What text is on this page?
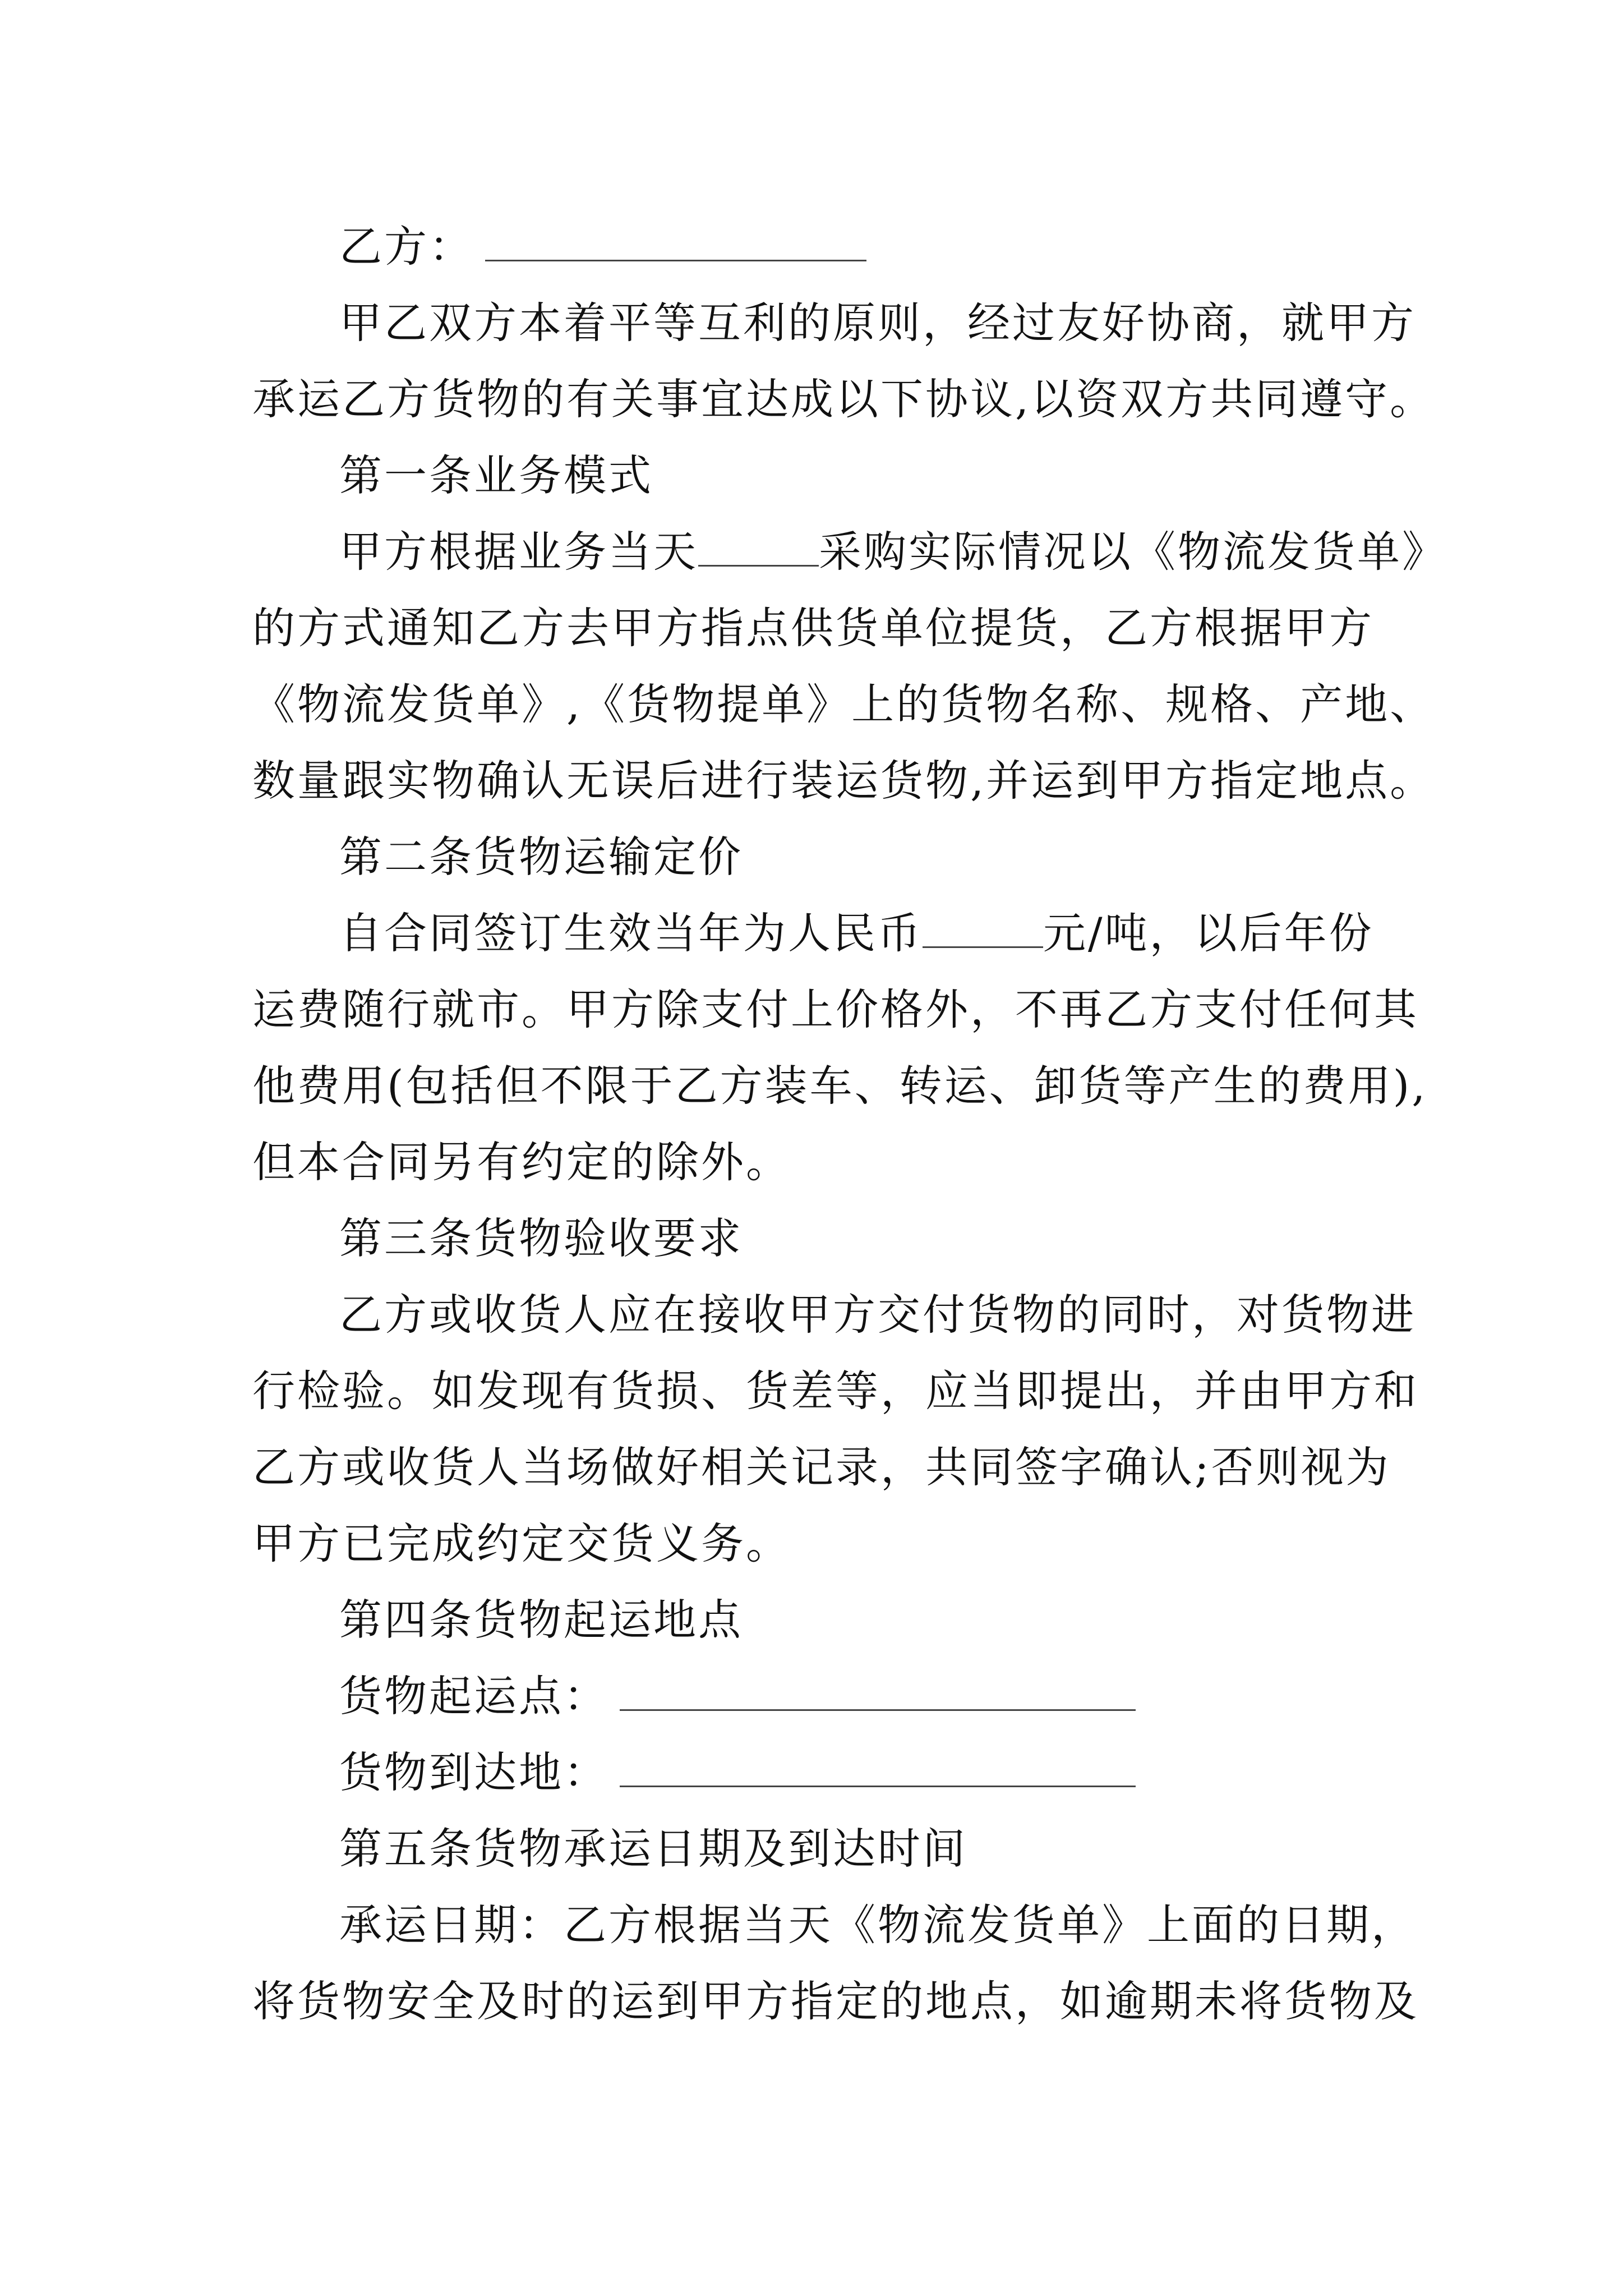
乙方：
甲乙双方本着平等互利的原则，经过友好协商，就甲方
承运乙方货物的有关事宜达成以下协议,以资双方共同遵守。
第一条业务模式
甲方根据业务当天	采购实际情况以《物流发货单》
的方式通知乙方去甲方指点供货单位提货，乙方根据甲方
《物流发货单》,《货物提单》上的货物名称、规格、产地、
数量跟实物确认无误后进行装运货物,并运到甲方指定地点。
第二条货物运输定价
自合同签订生效当年为人民币	元/吨，以后年份
运费随行就市。甲方除支付上价格外，不再乙方支付任何其
他费用(包括但不限于乙方装车、转运、卸货等产生的费用),
但本合同另有约定的除外。
第三条货物验收要求
乙方或收货人应在接收甲方交付货物的同时，对货物进
行检验。如发现有货损、货差等，应当即提出，并由甲方和
乙方或收货人当场做好相关记录，共同签字确认;否则视为
甲方已完成约定交货义务。
第四条货物起运地点
货物起运点：
货物到达地：
第五条货物承运日期及到达时间
承运日期：乙方根据当天《物流发货单》上面的日期，
将货物安全及时的运到甲方指定的地点，如逾期未将货物及
